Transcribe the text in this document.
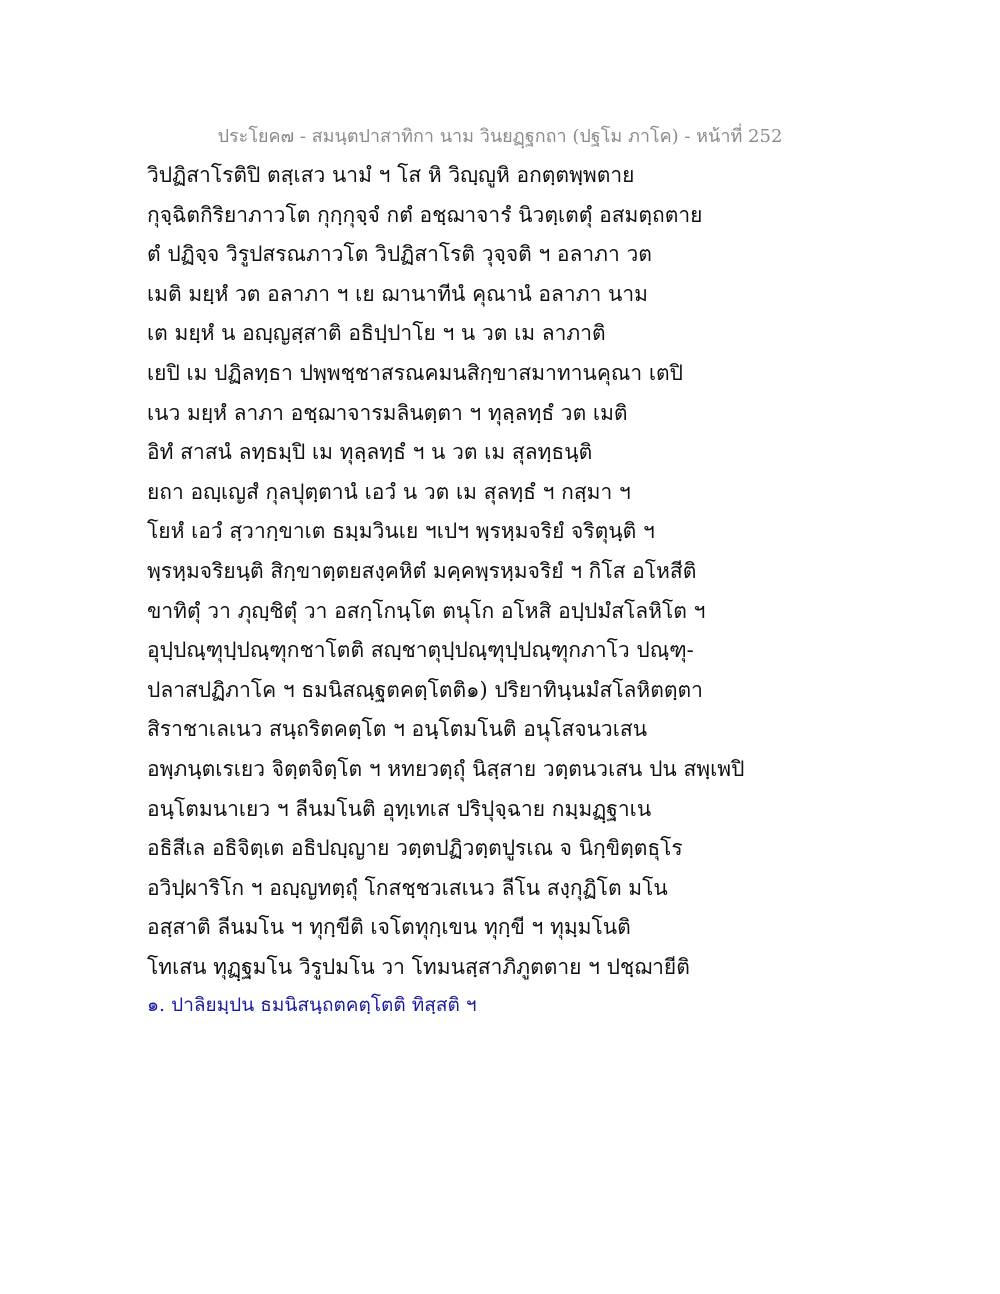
ประโยค๗ - สมนฺตปาสาทิกา นาม วินยฏฺฐกถา (ปฐโม ภาโค) - หน้าที่ 252
วิปฏิสาโรติปิ ตสฺเสว นามํ ฯ โส หิ วิญฺญูหิ อกตฺตพฺพตาย
กุจฺฉิตกิริยาภาวโต กุกฺกุจฺจํ กตํ อชฺฌาจารํ นิวตฺเตตุํ อสมตฺถตาย
ตํ ปฏิจฺจ วิรูปสรณภาวโต วิปฏิสาโรติ วุจฺจติ ฯ อลาภา วต
เมติ มยฺหํ วต อลาภา ฯ เย ฌานาทีนํ คุณานํ อลาภา นาม
เต มยฺหํ น อญฺญสฺสาติ อธิปฺปาโย ฯ น วต เม ลาภาติ
เยปิ เม ปฏิลทฺธา ปพฺพชฺชาสรณคมนสิกฺขาสมาทานคุณา เตปิ
เนว มยฺหํ ลาภา อชฺฌาจารมลินตฺตา ฯ ทุลฺลทฺธํ วต เมติ
อิทํ สาสนํ ลทฺธมฺปิ เม ทุลฺลทฺธํ ฯ น วต เม สุลทฺธนฺติ
ยถา อญฺเญสํ กุลปุตฺตานํ เอวํ น วต เม สุลทฺธํ ฯ กสฺมา ฯ
โยหํ เอวํ สฺวากฺขาเต ธมฺมวินเย ฯเปฯ พฺรหฺมจริยํ จริตุนฺติ ฯ
พฺรหฺมจริยนฺติ สิกฺขาตฺตยสงฺคหิตํ มคฺคพฺรหฺมจริยํ ฯ กิโส อโหสีติ
ขาทิตุํ วา ภุญฺชิตุํ วา อสกฺโกนฺโต ตนุโก อโหสิ อปฺปมํสโลหิโต ฯ
อุปฺปณฺฑุปฺปณฺฑุกชาโตติ สญฺชาตุปฺปณฺฑุปฺปณฺฑุกภาโว ปณฺฑุ-
ปลาสปฏิภาโค ฯ ธมนิสณฺฐตคตฺโตติ๑) ปริยาทินฺนมํสโลหิตตฺตา
สิราชาเลเนว สนฺถริตคตฺโต ฯ อนฺโตมโนติ อนุโสจนวเสน
อพฺภนฺตเรเยว จิตฺตจิตฺโต ฯ หทยวตฺถุํ นิสฺสาย วตฺตนวเสน ปน สพฺเพปิ
อนฺโตมนาเยว ฯ ลีนมโนติ อุทฺเทเส ปริปุจฺฉาย กมฺมฏฺฐาเน
อธิสีเล อธิจิตฺเต อธิปญฺญาย วตฺตปฏิวตฺตปูรเณ จ นิกฺขิตฺตธุโร
อวิปฺผาริโก ฯ อญฺญทตฺถุํ โกสชฺชวเสเนว ลีโน สงฺกุฏิโต มโน
อสฺสาติ ลีนมโน ฯ ทุกฺขีติ เจโตทุกฺเขน ทุกฺขี ฯ ทุมฺมโนติ
โทเสน ทุฏฺฐมโน วิรูปมโน วา โทมนสฺสาภิภูตตาย ฯ ปชฺฌายีติ
๑. ปาลิยมฺปน ธมนิสนฺถตคตฺโตติ ทิสฺสติ ฯ
